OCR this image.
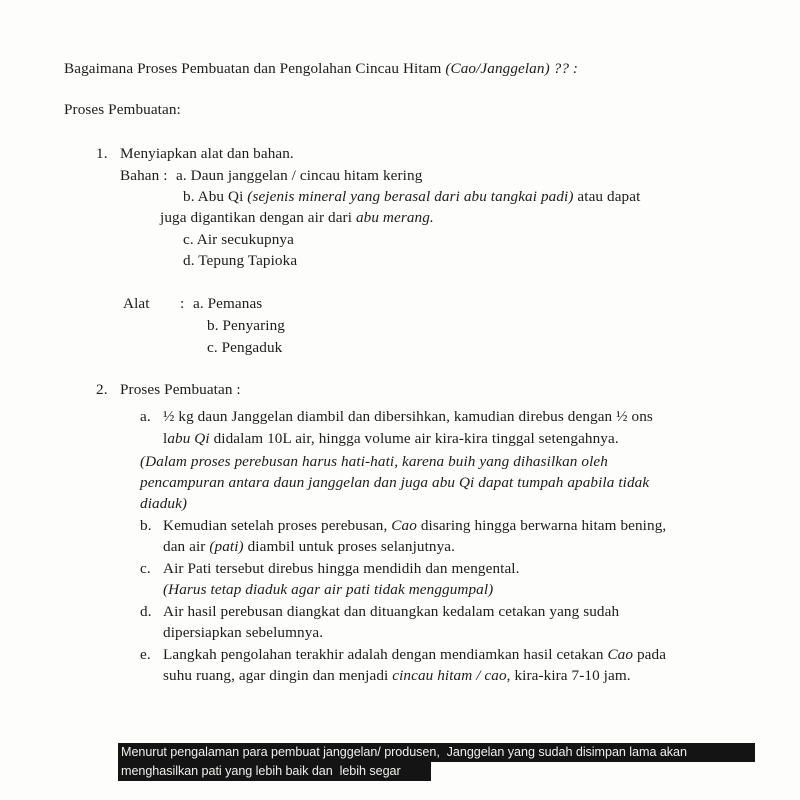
Bagaimana Proses Pembuatan dan Pengolahan Cincau Hitam (Cao/Janggelan) ?? :
Proses Pembuatan:
1. Menyiapkan alat dan bahan.
Bahan : a. Daun janggelan / cincau hitam kering
b. Abu Qi (sejenis mineral yang berasal dari abu tangkai padi) atau dapat
juga digantikan dengan air dari abu merang.
c. Air secukupnya
d. Tepung Tapioka
Alat : a. Pemanas
b. Penyaring
c. Pengaduk
2. Proses Pembuatan :
a. ½ kg daun Janggelan diambil dan dibersihkan, kamudian direbus dengan ½ ons
labu Qi didalam 10L air, hingga volume air kira-kira tinggal setengahnya.
(Dalam proses perebusan harus hati-hati, karena buih yang dihasilkan oleh
pencampuran antara daun janggelan dan juga abu Qi dapat tumpah apabila tidak
diaduk)
b. Kemudian setelah proses perebusan, Cao disaring hingga berwarna hitam bening,
dan air (pati) diambil untuk proses selanjutnya.
c. Air Pati tersebut direbus hingga mendidih dan mengental.
(Harus tetap diaduk agar air pati tidak menggumpal)
d. Air hasil perebusan diangkat dan dituangkan kedalam cetakan yang sudah
dipersiapkan sebelumnya.
e. Langkah pengolahan terakhir adalah dengan mendiamkan hasil cetakan Cao pada
suhu ruang, agar dingin dan menjadi cincau hitam / cao, kira-kira 7-10 jam.
Menurut pengalaman para pembuat janggelan/ produsen,  Janggelan yang sudah disimpan lama akan
menghasilkan pati yang lebih baik dan  lebih segar
